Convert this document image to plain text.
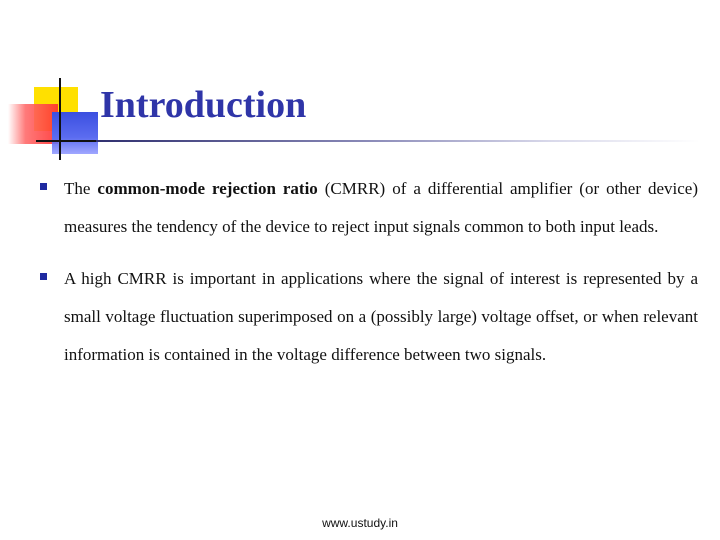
Introduction
The common-mode rejection ratio (CMRR) of a differential amplifier (or other device) measures the tendency of the device to reject input signals common to both input leads.
A high CMRR is important in applications where the signal of interest is represented by a small voltage fluctuation superimposed on a (possibly large) voltage offset, or when relevant information is contained in the voltage difference between two signals.
www.ustudy.in
